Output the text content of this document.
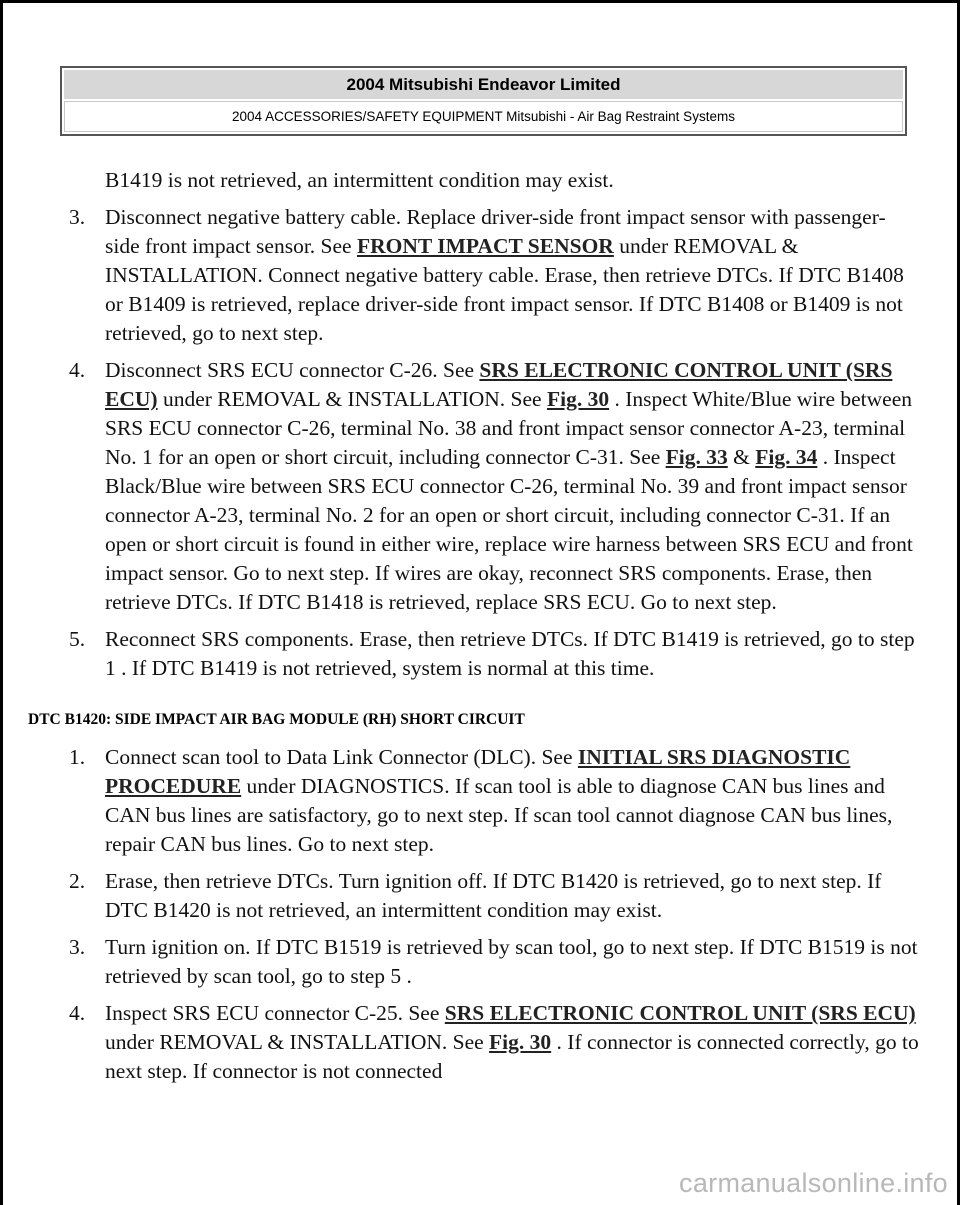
2004 Mitsubishi Endeavor Limited
2004 ACCESSORIES/SAFETY EQUIPMENT Mitsubishi - Air Bag Restraint Systems
B1419 is not retrieved, an intermittent condition may exist.
3. Disconnect negative battery cable. Replace driver-side front impact sensor with passenger-side front impact sensor. See FRONT IMPACT SENSOR under REMOVAL & INSTALLATION. Connect negative battery cable. Erase, then retrieve DTCs. If DTC B1408 or B1409 is retrieved, replace driver-side front impact sensor. If DTC B1408 or B1409 is not retrieved, go to next step.
4. Disconnect SRS ECU connector C-26. See SRS ELECTRONIC CONTROL UNIT (SRS ECU) under REMOVAL & INSTALLATION. See Fig. 30 . Inspect White/Blue wire between SRS ECU connector C-26, terminal No. 38 and front impact sensor connector A-23, terminal No. 1 for an open or short circuit, including connector C-31. See Fig. 33 & Fig. 34 . Inspect Black/Blue wire between SRS ECU connector C-26, terminal No. 39 and front impact sensor connector A-23, terminal No. 2 for an open or short circuit, including connector C-31. If an open or short circuit is found in either wire, replace wire harness between SRS ECU and front impact sensor. Go to next step. If wires are okay, reconnect SRS components. Erase, then retrieve DTCs. If DTC B1418 is retrieved, replace SRS ECU. Go to next step.
5. Reconnect SRS components. Erase, then retrieve DTCs. If DTC B1419 is retrieved, go to step 1 . If DTC B1419 is not retrieved, system is normal at this time.
DTC B1420: SIDE IMPACT AIR BAG MODULE (RH) SHORT CIRCUIT
1. Connect scan tool to Data Link Connector (DLC). See INITIAL SRS DIAGNOSTIC PROCEDURE under DIAGNOSTICS. If scan tool is able to diagnose CAN bus lines and CAN bus lines are satisfactory, go to next step. If scan tool cannot diagnose CAN bus lines, repair CAN bus lines. Go to next step.
2. Erase, then retrieve DTCs. Turn ignition off. If DTC B1420 is retrieved, go to next step. If DTC B1420 is not retrieved, an intermittent condition may exist.
3. Turn ignition on. If DTC B1519 is retrieved by scan tool, go to next step. If DTC B1519 is not retrieved by scan tool, go to step 5 .
4. Inspect SRS ECU connector C-25. See SRS ELECTRONIC CONTROL UNIT (SRS ECU) under REMOVAL & INSTALLATION. See Fig. 30 . If connector is connected correctly, go to next step. If connector is not connected
carmanualsonline.info
